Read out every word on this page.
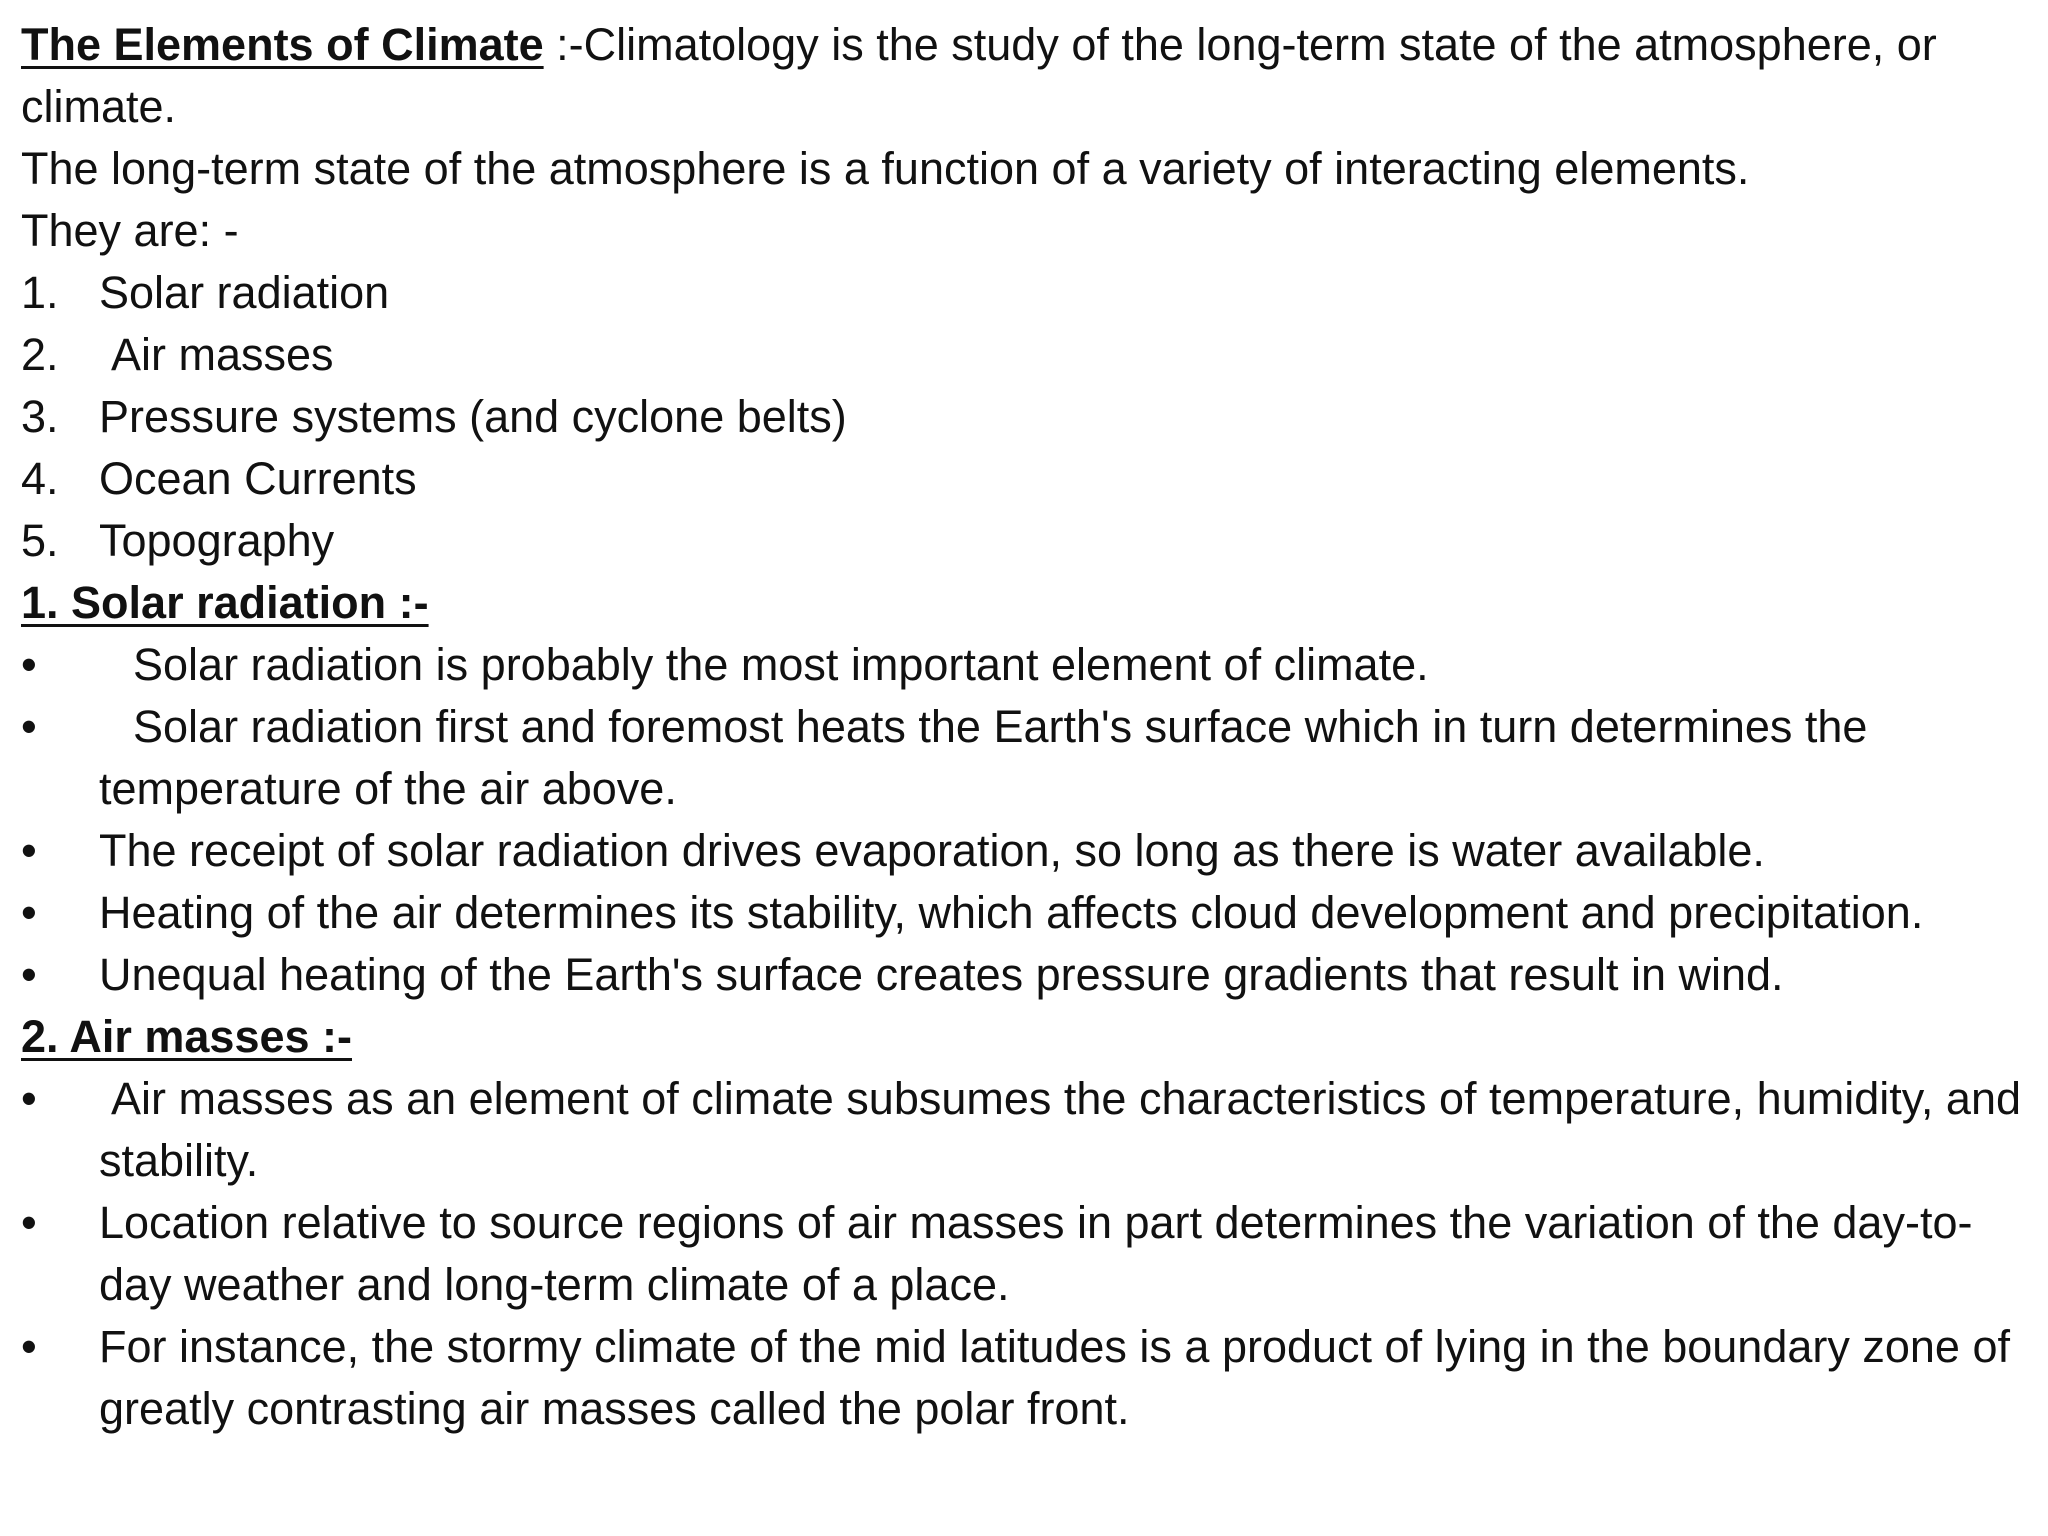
The Elements of Climate :-Climatology is the study of the long-term state of the atmosphere, or climate.

The long-term state of the atmosphere is a function of a variety of interacting elements.

They are: -

1. Solar radiation
2. Air masses
3. Pressure systems (and cyclone belts)
4. Ocean Currents
5. Topography
1. Solar radiation :-
•	Solar radiation is probably the most important element of climate.
•	Solar radiation first and foremost heats the Earth's surface which in turn determines the temperature of the air above.
•	The receipt of solar radiation drives evaporation, so long as there is water available.
•	Heating of the air determines its stability, which affects cloud development and precipitation.
•	Unequal heating of the Earth's surface creates pressure gradients that result in wind.
2. Air masses :-
•	Air masses as an element of climate subsumes the characteristics of temperature, humidity, and stability.
•	Location relative to source regions of air masses in part determines the variation of the day-to-day weather and long-term climate of a place.
•	For instance, the stormy climate of the mid latitudes is a product of lying in the boundary zone of greatly contrasting air masses called the polar front.
